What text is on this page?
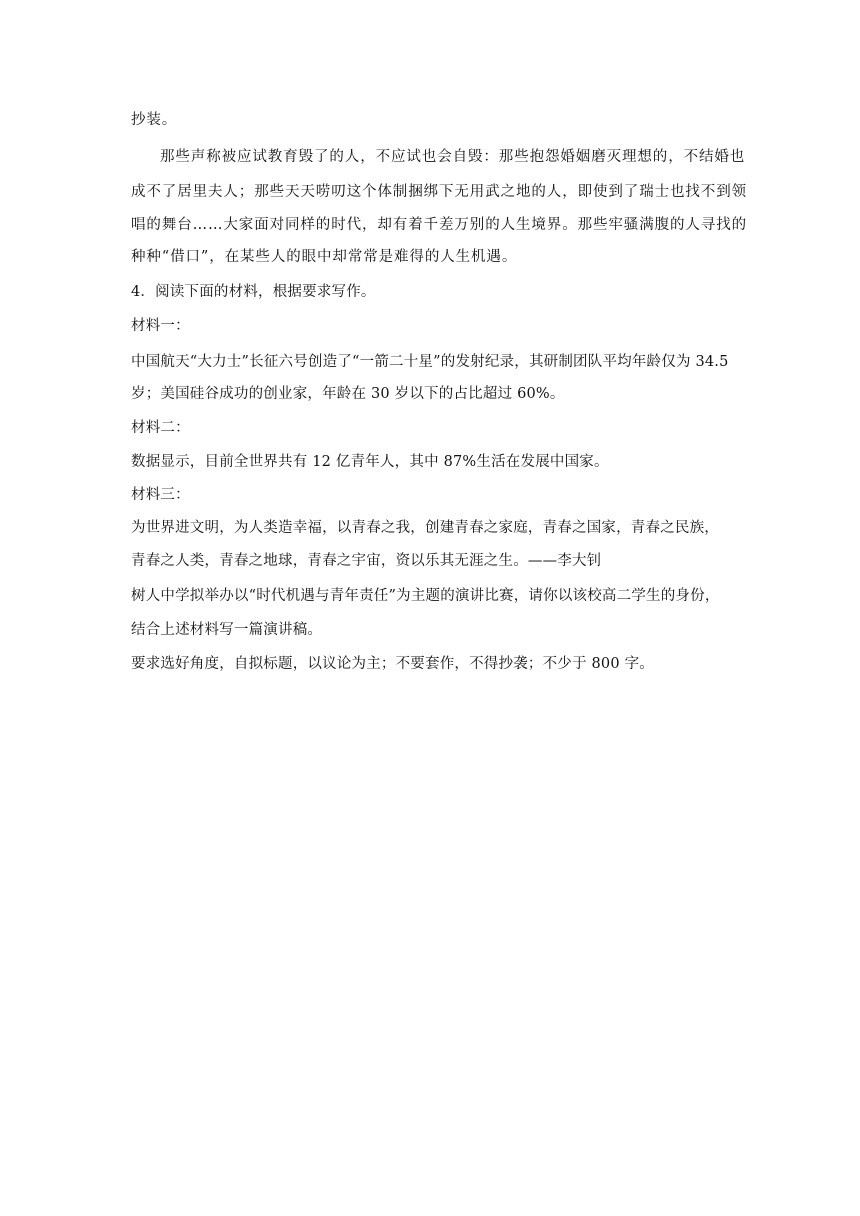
抄装。
那些声称被应试教育毁了的人，不应试也会自毁：那些抱怨婚姻磨灭理想的，不结婚也
成不了居里夫人；那些天天唠叨这个体制捆绑下无用武之地的人，即使到了瑞士也找不到领
唱的舞台……大家面对同样的时代，却有着千差万别的人生境界。那些牢骚满腹的人寻找的
种种“借口”，在某些人的眼中却常常是难得的人生机遇。
4．阅读下面的材料，根据要求写作。
材料一：
中国航天“大力士”长征六号创造了“一箭二十星”的发射纪录，其研制团队平均年龄仅为 34.5
岁；美国硅谷成功的创业家，年龄在 30 岁以下的占比超过 60%。
材料二：
数据显示，目前全世界共有 12 亿青年人，其中 87%生活在发展中国家。
材料三：
为世界进文明，为人类造幸福，以青春之我，创建青春之家庭，青春之国家，青春之民族，
青春之人类，青春之地球，青春之宇宙，资以乐其无涯之生。——李大钊
树人中学拟举办以“时代机遇与青年责任”为主题的演讲比赛，请你以该校高二学生的身份，
结合上述材料写一篇演讲稿。
要求选好角度，自拟标题，以议论为主；不要套作，不得抄袭；不少于 800 字。
